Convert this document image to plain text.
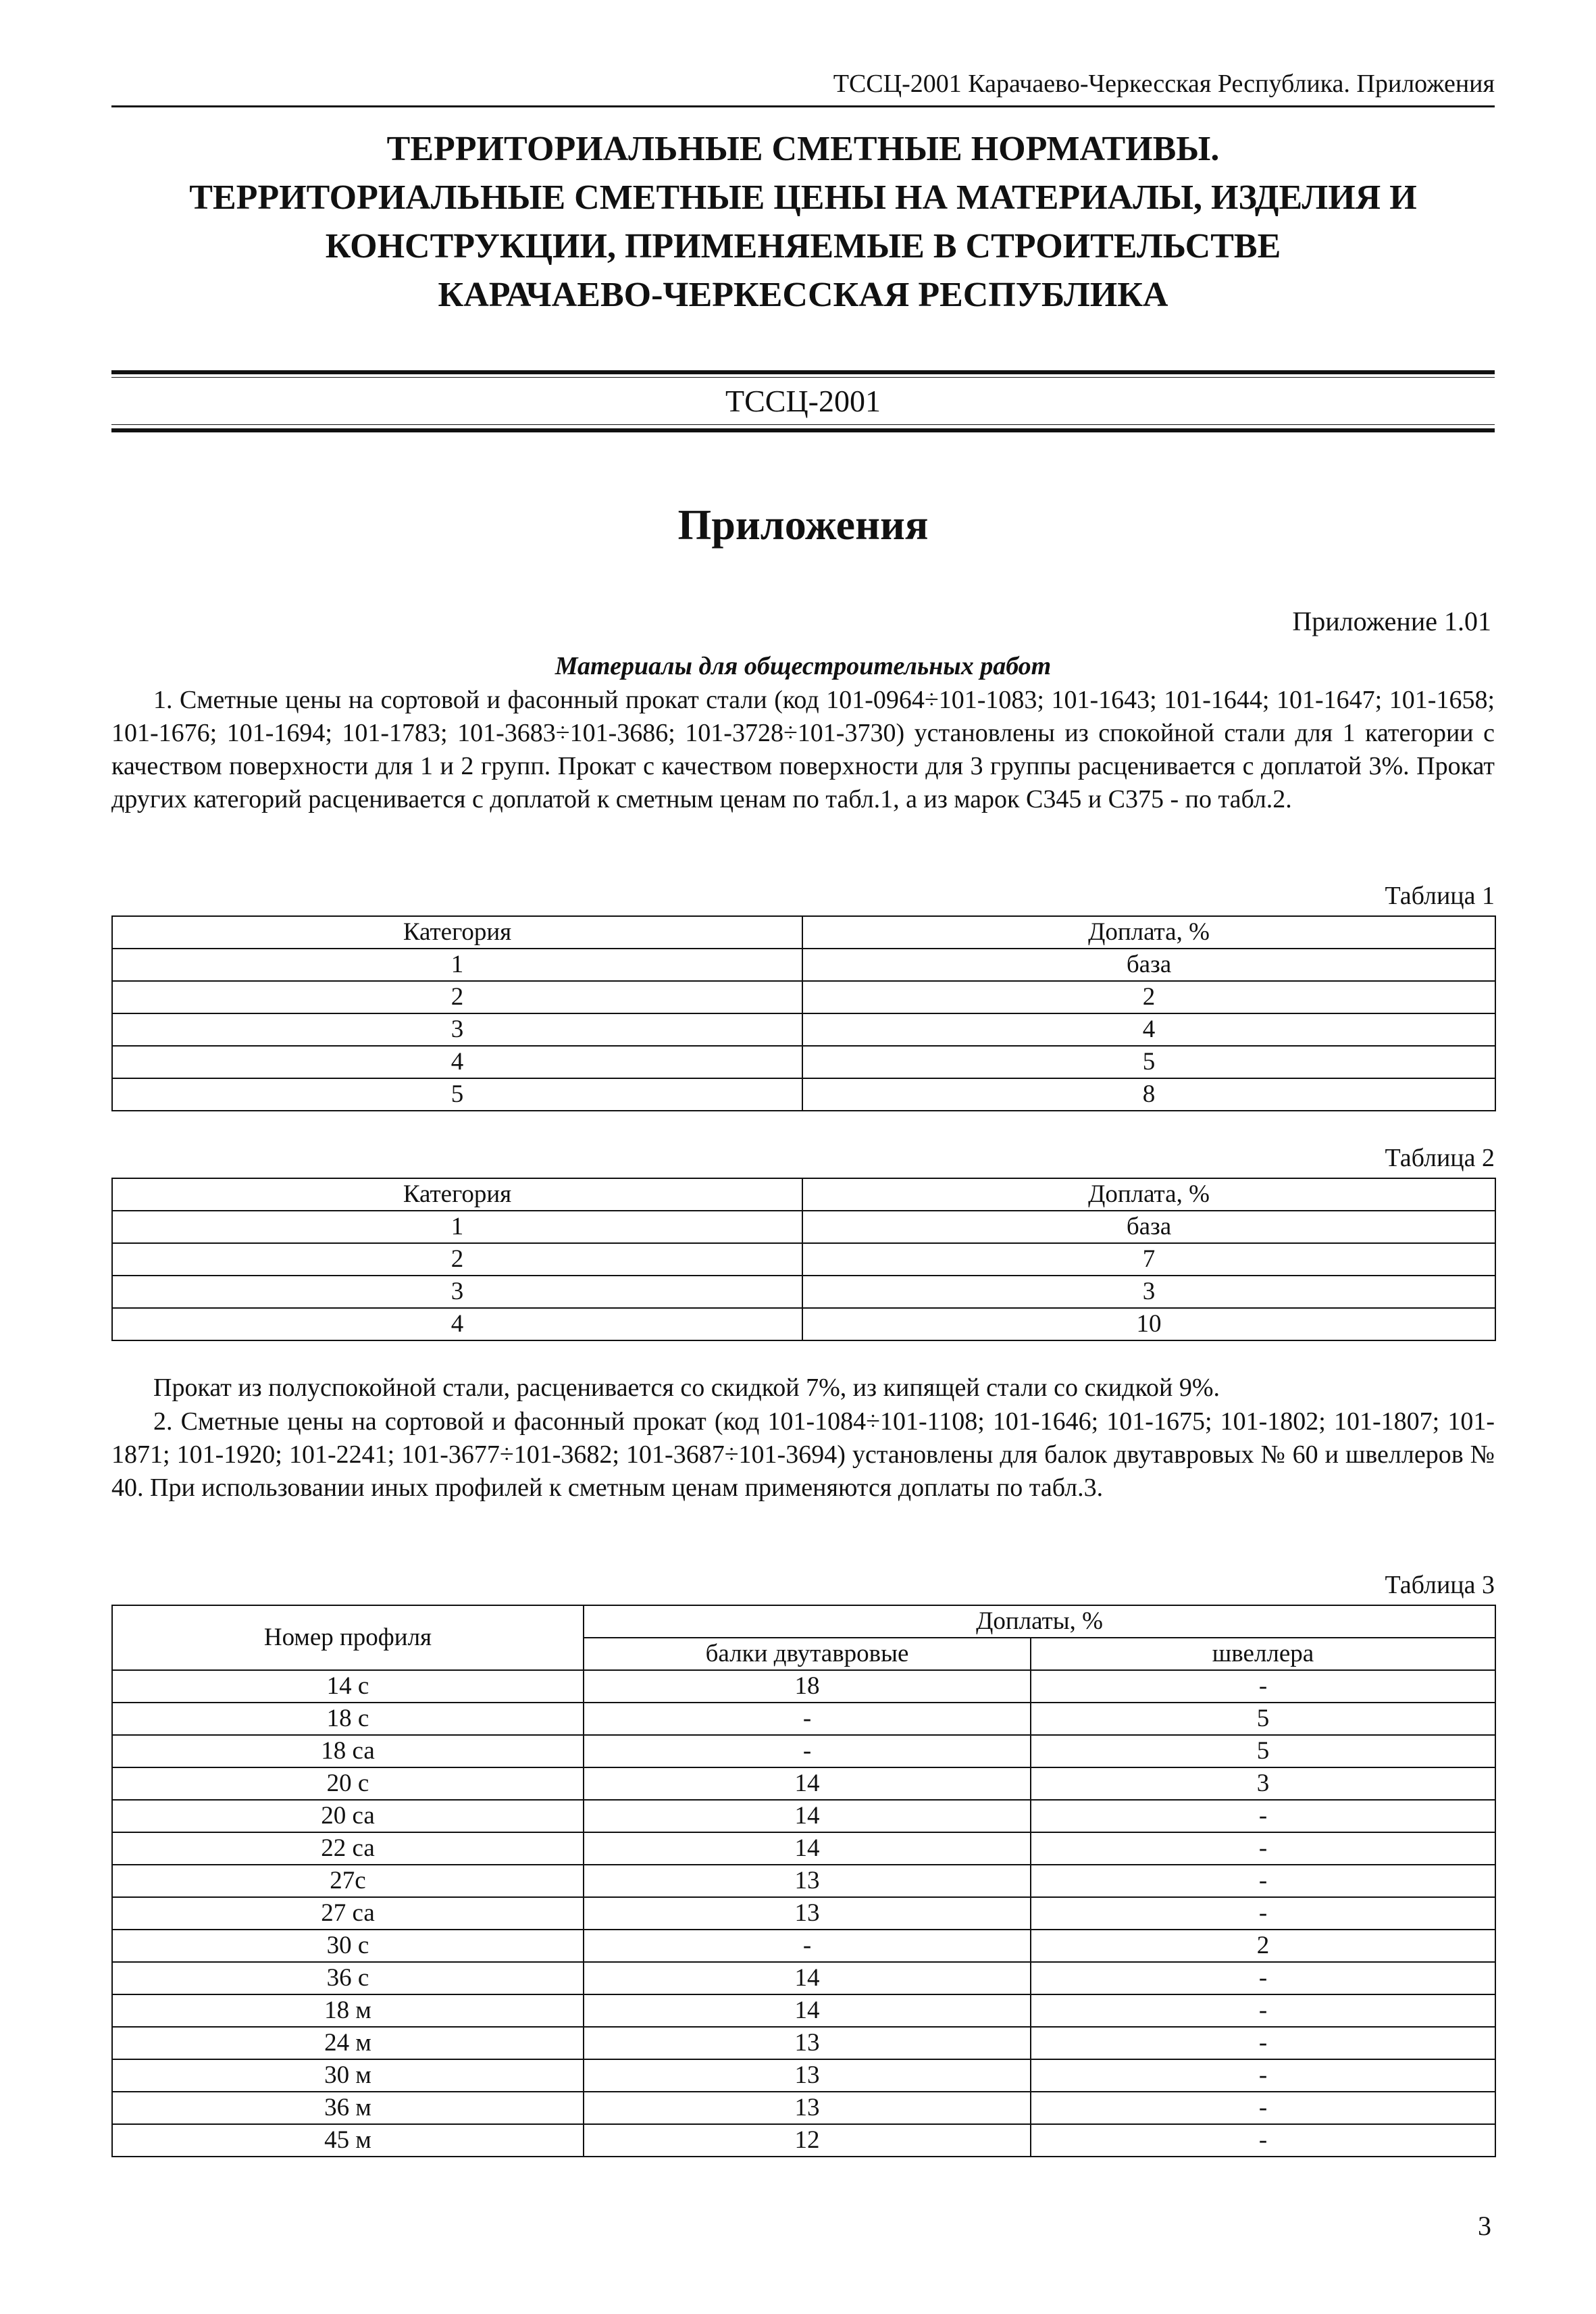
ТССЦ-2001 Карачаево-Черкесская Республика. Приложения
ТЕРРИТОРИАЛЬНЫЕ СМЕТНЫЕ НОРМАТИВЫ.
ТЕРРИТОРИАЛЬНЫЕ СМЕТНЫЕ ЦЕНЫ НА МАТЕРИАЛЫ, ИЗДЕЛИЯ И
КОНСТРУКЦИИ, ПРИМЕНЯЕМЫЕ В СТРОИТЕЛЬСТВЕ
КАРАЧАЕВО-ЧЕРКЕССКАЯ РЕСПУБЛИКА
ТССЦ-2001
Приложения
Приложение 1.01
Материалы для общестроительных работ
1. Сметные цены на сортовой и фасонный прокат стали (код 101-0964÷101-1083; 101-1643; 101-1644; 101-1647; 101-1658; 101-1676; 101-1694; 101-1783; 101-3683÷101-3686; 101-3728÷101-3730) установлены из спокойной стали для 1 категории с качеством поверхности для 1 и 2 групп. Прокат с качеством поверхности для 3 группы расценивается с доплатой 3%. Прокат других категорий расценивается с доплатой к сметным ценам по табл.1, а из марок С345 и С375 - по табл.2.
Таблица 1
Категория	Доплата, %
1	база
2	2
3	4
4	5
5	8
Таблица 2
Категория	Доплата, %
1	база
2	7
3	3
4	10
Прокат из полуспокойной стали, расценивается со скидкой 7%, из кипящей стали со скидкой 9%.
2. Сметные цены на сортовой и фасонный прокат (код 101-1084÷101-1108; 101-1646; 101-1675; 101-1802; 101-1807; 101-1871; 101-1920; 101-2241; 101-3677÷101-3682; 101-3687÷101-3694) установлены для балок двутавровых № 60 и швеллеров № 40. При использовании иных профилей к сметным ценам применяются доплаты по табл.3.
Таблица 3
Номер профиля	Доплаты, %	
	балки двутавровые	швеллера
14 с	18	-
18 с	-	5
18 са	-	5
20 с	14	3
20 са	14	-
22 са	14	-
27с	13	-
27 са	13	-
30 с	-	2
36 с	14	-
18 м	14	-
24 м	13	-
30 м	13	-
36 м	13	-
45 м	12	-
3
